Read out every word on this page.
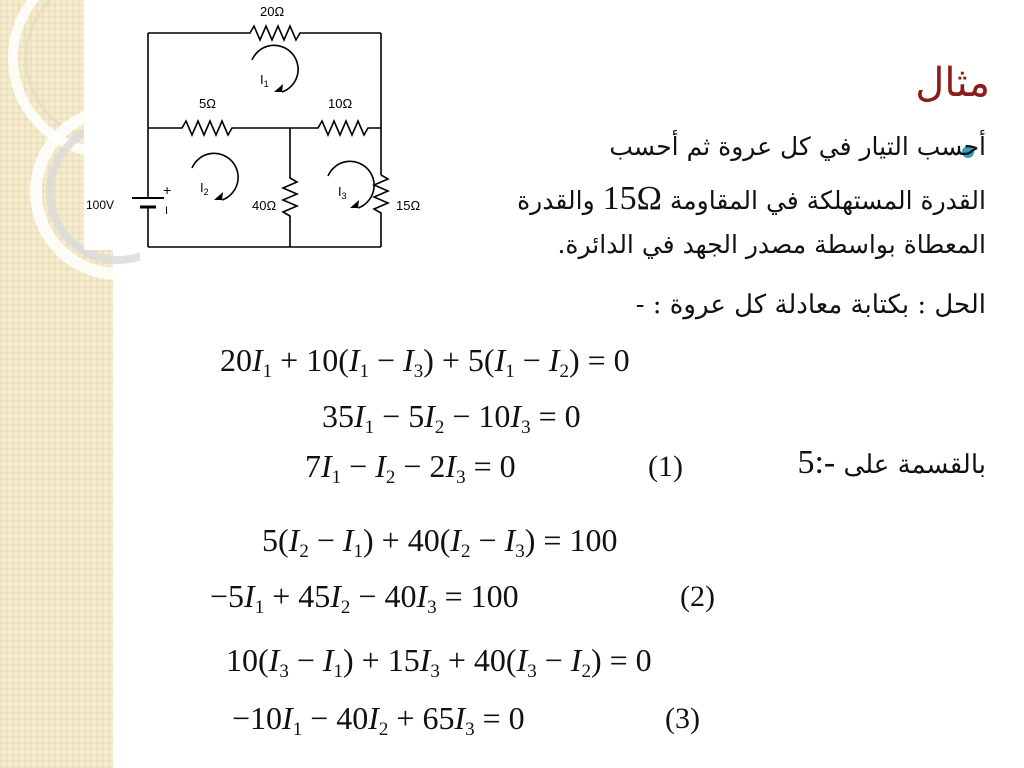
20Ω
5Ω	10Ω
40Ω	15Ω
100V
+
I
$I_1$
$I_2$	$I_3$
مثال
أحسب التيار في كل عروة ثم أحسب
القدرة المستهلكة في المقاومة 15Ω والقدرة
المعطاة بواسطة مصدر الجهد في الدائرة.
الحل : بكتابة معادلة كل عروة : -
$20I_1 + 10(I_1 - I_3) + 5(I_1 - I_2) = 0$
$35I_1 - 5I_2 - 10I_3 = 0$
$7I_1 - I_2 - 2I_3 = 0$	(1)	بالقسمة على 5:-
$5(I_2 - I_1) + 40(I_2 - I_3) = 100$
$-5I_1 + 45I_2 - 40I_3 = 100$	(2)
$10(I_3 - I_1) + 15I_3 + 40(I_3 - I_2) = 0$
$-10I_1 - 40I_2 + 65I_3 = 0$	(3)
